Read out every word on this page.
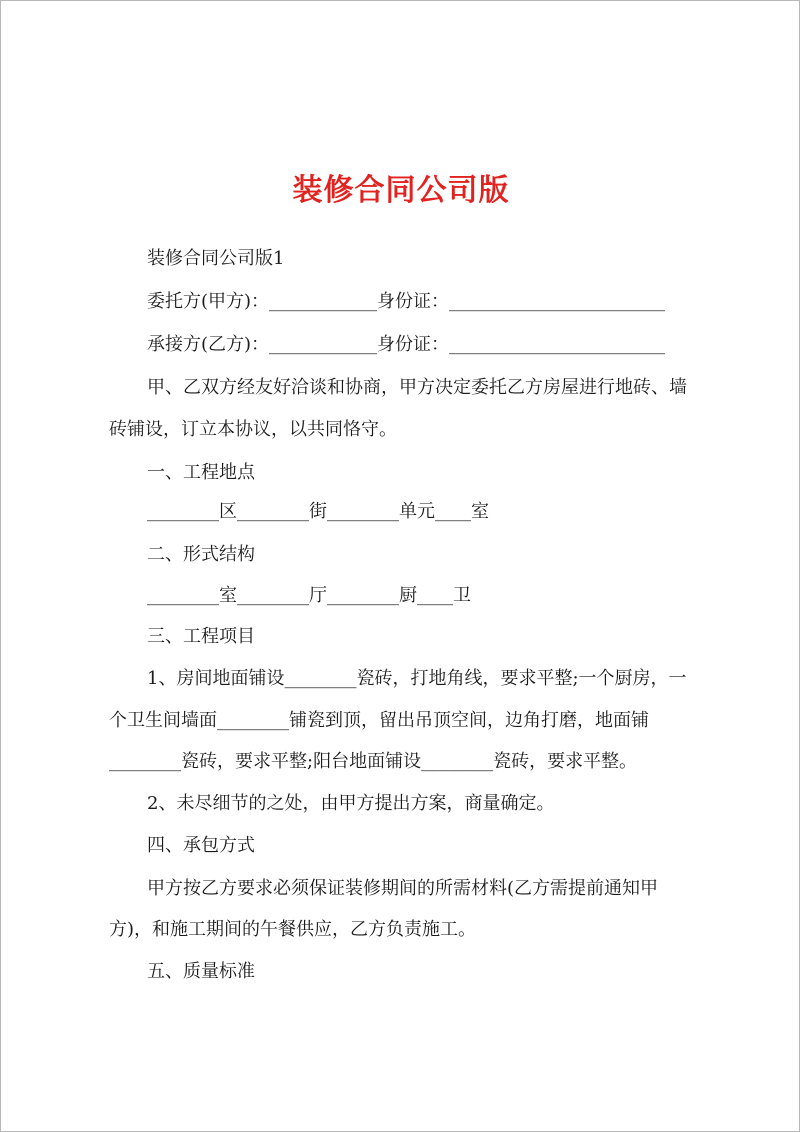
装修合同公司版
装修合同公司版1
委托方(甲方)：____________身份证：________________________
承接方(乙方)：____________身份证：________________________
甲、乙双方经友好洽谈和协商，甲方决定委托乙方房屋进行地砖、墙
砖铺设，订立本协议，以共同恪守。
一、工程地点
________区________街________单元____室
二、形式结构
________室________厅________厨____卫
三、工程项目
1、房间地面铺设________瓷砖，打地角线，要求平整;一个厨房，一
个卫生间墙面________铺瓷到顶，留出吊顶空间，边角打磨，地面铺
________瓷砖，要求平整;阳台地面铺设________瓷砖，要求平整。
2、未尽细节的之处，由甲方提出方案，商量确定。
四、承包方式
甲方按乙方要求必须保证装修期间的所需材料(乙方需提前通知甲
方)，和施工期间的午餐供应，乙方负责施工。
五、质量标准
